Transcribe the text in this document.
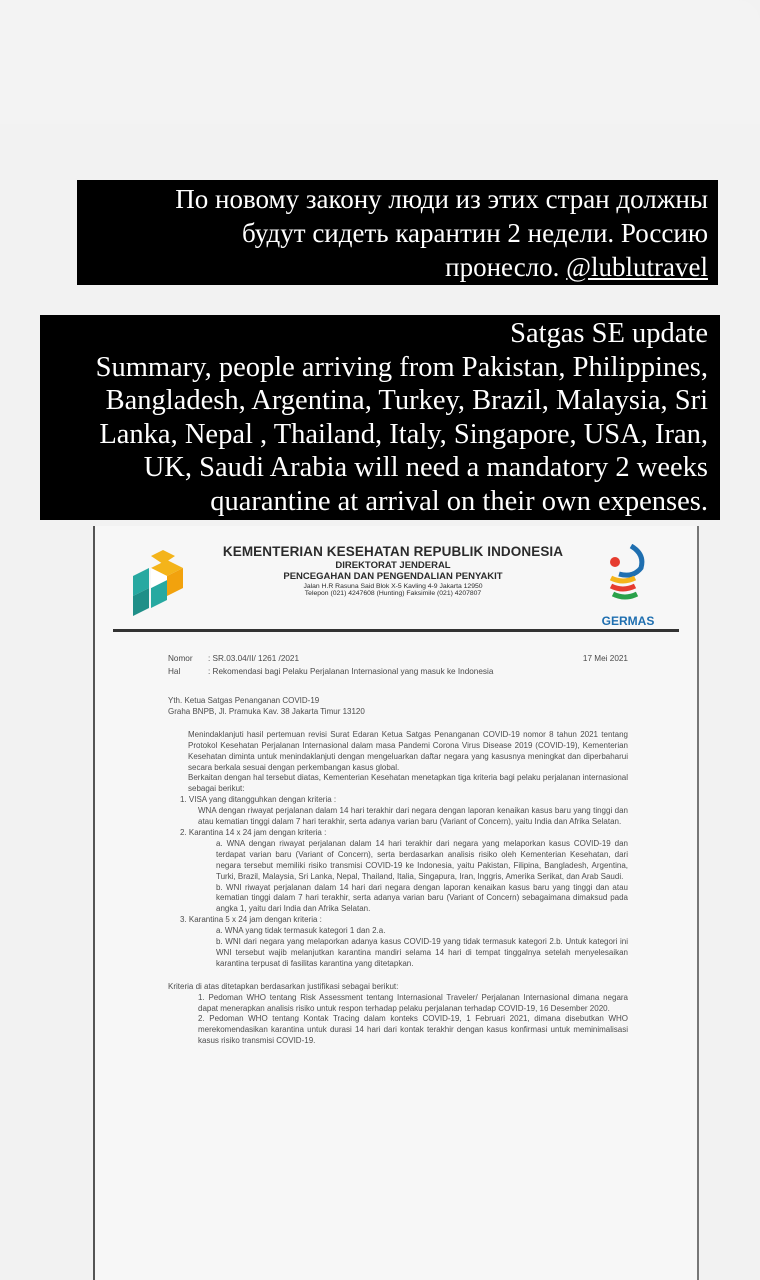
По новому закону люди из этих стран должны
будут сидеть карантин 2 недели. Россию
пронесло. @lublutravel
Satgas SE update
Summary, people arriving from Pakistan, Philippines,
Bangladesh, Argentina, Turkey, Brazil, Malaysia, Sri
Lanka, Nepal , Thailand, Italy, Singapore, USA, Iran,
UK, Saudi Arabia will need a mandatory 2 weeks
quarantine at arrival on their own expenses.
KEMENTERIAN KESEHATAN REPUBLIK INDONESIA
DIREKTORAT JENDERAL
PENCEGAHAN DAN PENGENDALIAN PENYAKIT
Jalan H.R Rasuna Said Blok X-5 Kavling 4-9 Jakarta 12950
Telepon (021) 4247608 (Hunting) Faksimile (021) 4207807
GERMAS
Nomor	: SR.03.04/II/ 1261 /2021
Hal	: Rekomendasi bagi Pelaku Perjalanan Internasional yang masuk ke Indonesia
17 Mei 2021

Yth. Ketua Satgas Penanganan COVID-19

Graha BNPB, Jl. Pramuka Kav. 38 Jakarta Timur 13120

Menindaklanjuti hasil pertemuan revisi Surat Edaran Ketua Satgas Penanganan COVID-19 nomor 8 tahun 2021 tentang Protokol Kesehatan Perjalanan Internasional dalam masa Pandemi Corona Virus Disease 2019 (COVID-19), Kementerian Kesehatan diminta untuk menindaklanjuti dengan mengeluarkan daftar negara yang kasusnya meningkat dan diperbaharui secara berkala sesuai dengan perkembangan kasus global.

Berkaitan dengan hal tersebut diatas, Kementerian Kesehatan menetapkan tiga kriteria bagi pelaku perjalanan internasional sebagai berikut:

1. VISA yang ditangguhkan dengan kriteria :

WNA dengan riwayat perjalanan dalam 14 hari terakhir dari negara dengan laporan kenaikan kasus baru yang tinggi dan atau kematian tinggi dalam 7 hari terakhir, serta adanya varian baru (Variant of Concern), yaitu India dan Afrika Selatan.

2. Karantina 14 x 24 jam dengan kriteria :

a. WNA dengan riwayat perjalanan dalam 14 hari terakhir dari negara yang melaporkan kasus COVID-19 dan terdapat varian baru (Variant of Concern), serta berdasarkan analisis risiko oleh Kementerian Kesehatan, dari negara tersebut memiliki risiko transmisi COVID-19 ke Indonesia, yaitu Pakistan, Filipina, Bangladesh, Argentina, Turki, Brazil, Malaysia, Sri Lanka, Nepal, Thailand, Italia, Singapura, Iran, Inggris, Amerika Serikat, dan Arab Saudi.

b. WNI riwayat perjalanan dalam 14 hari dari negara dengan laporan kenaikan kasus baru yang tinggi dan atau kematian tinggi dalam 7 hari terakhir, serta adanya varian baru (Variant of Concern) sebagaimana dimaksud pada angka 1, yaitu dari India dan Afrika Selatan.

3. Karantina 5 x 24 jam dengan kriteria :

a. WNA yang tidak termasuk kategori 1 dan 2.a.

b. WNI dari negara yang melaporkan adanya kasus COVID-19 yang tidak termasuk kategori 2.b. Untuk kategori ini WNI tersebut wajib melanjutkan karantina mandiri selama 14 hari di tempat tinggalnya setelah menyelesaikan karantina terpusat di fasilitas karantina yang ditetapkan.

Kriteria di atas ditetapkan berdasarkan justifikasi sebagai berikut:

1. Pedoman WHO tentang Risk Assessment tentang Internasional Traveler/ Perjalanan Internasional dimana negara dapat menerapkan analisis risiko untuk respon terhadap pelaku perjalanan terhadap COVID-19, 16 Desember 2020.

2. Pedoman WHO tentang Kontak Tracing dalam konteks COVID-19, 1 Februari 2021, dimana disebutkan WHO merekomendasikan karantina untuk durasi 14 hari dari kontak terakhir dengan kasus konfirmasi untuk meminimalisasi kasus risiko transmisi COVID-19.
